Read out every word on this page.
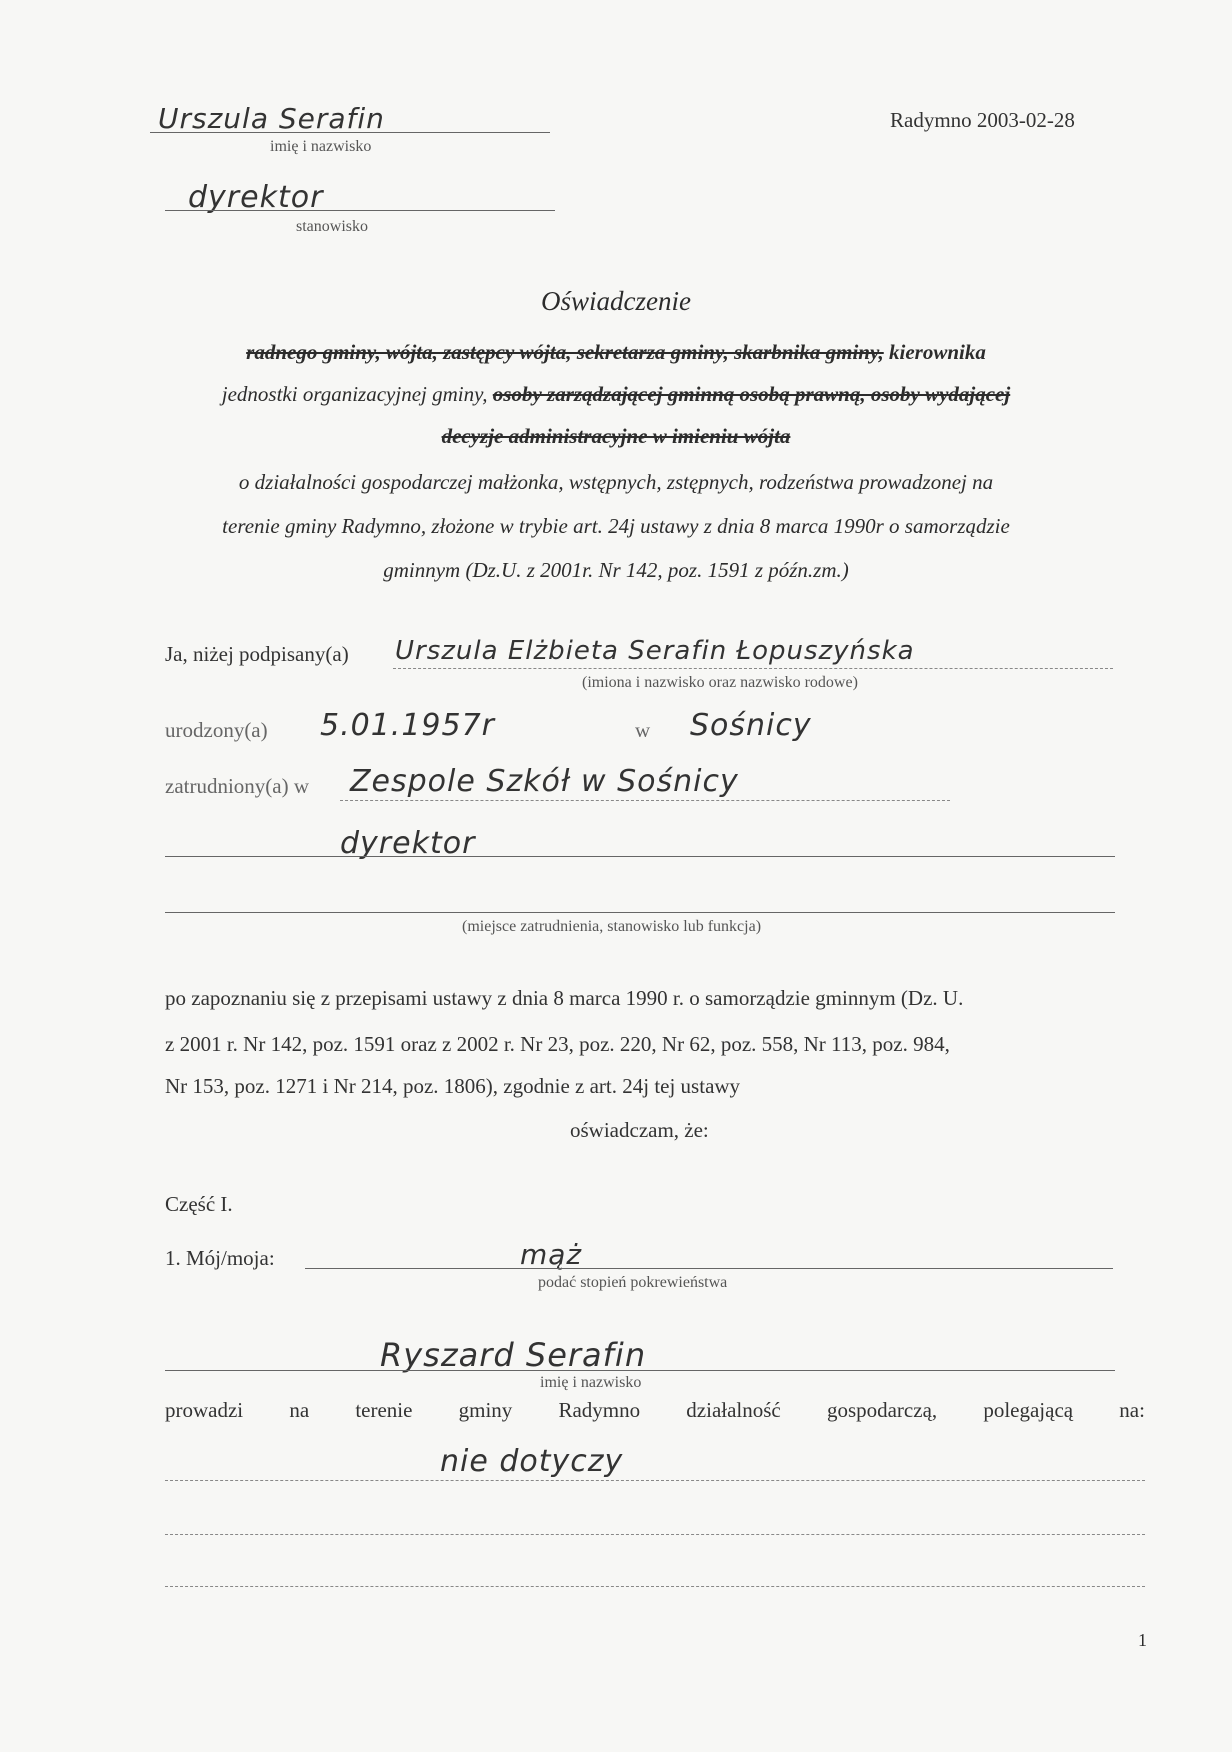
Urszula Serafin
imię i nazwisko
Radymno 2003-02-28
dyrektor
stanowisko
Oświadczenie
radnego gminy, wójta, zastępcy wójta, sekretarza gminy, skarbnika gminy, kierownika
jednostki organizacyjnej gminy, osoby zarządzającej gminną osobą prawną, osoby wydającej
decyzje administracyjne w imieniu wójta
o działalności gospodarczej małżonka, wstępnych, zstępnych, rodzeństwa prowadzonej na
terenie gminy Radymno, złożone w trybie art. 24j ustawy z dnia 8 marca 1990r o samorządzie
gminnym (Dz.U. z 2001r. Nr 142, poz. 1591 z późn.zm.)
Ja, niżej podpisany(a) Urszula Elżbieta Serafin Łopuszyńska
(imiona i nazwisko oraz nazwisko rodowe)
urodzony(a) 5.01.1957r	w Sośnicy
zatrudniony(a) w Zespole Szkół w Sośnicy
dyrektor
(miejsce zatrudnienia, stanowisko lub funkcja)
po zapoznaniu się z przepisami ustawy z dnia 8 marca 1990 r. o samorządzie gminnym (Dz. U.
z 2001 r. Nr 142, poz. 1591 oraz z 2002 r. Nr 23, poz. 220, Nr 62, poz. 558, Nr 113, poz. 984,
Nr 153, poz. 1271 i Nr 214, poz. 1806), zgodnie z art. 24j tej ustawy
oświadczam, że:
Część I.
1. Mój/moja:	mąż
podać stopień pokrewieństwa
Ryszard Serafin
imię i nazwisko
prowadzi na terenie gminy Radymno działalność gospodarczą, polegającą na:
nie dotyczy
1
